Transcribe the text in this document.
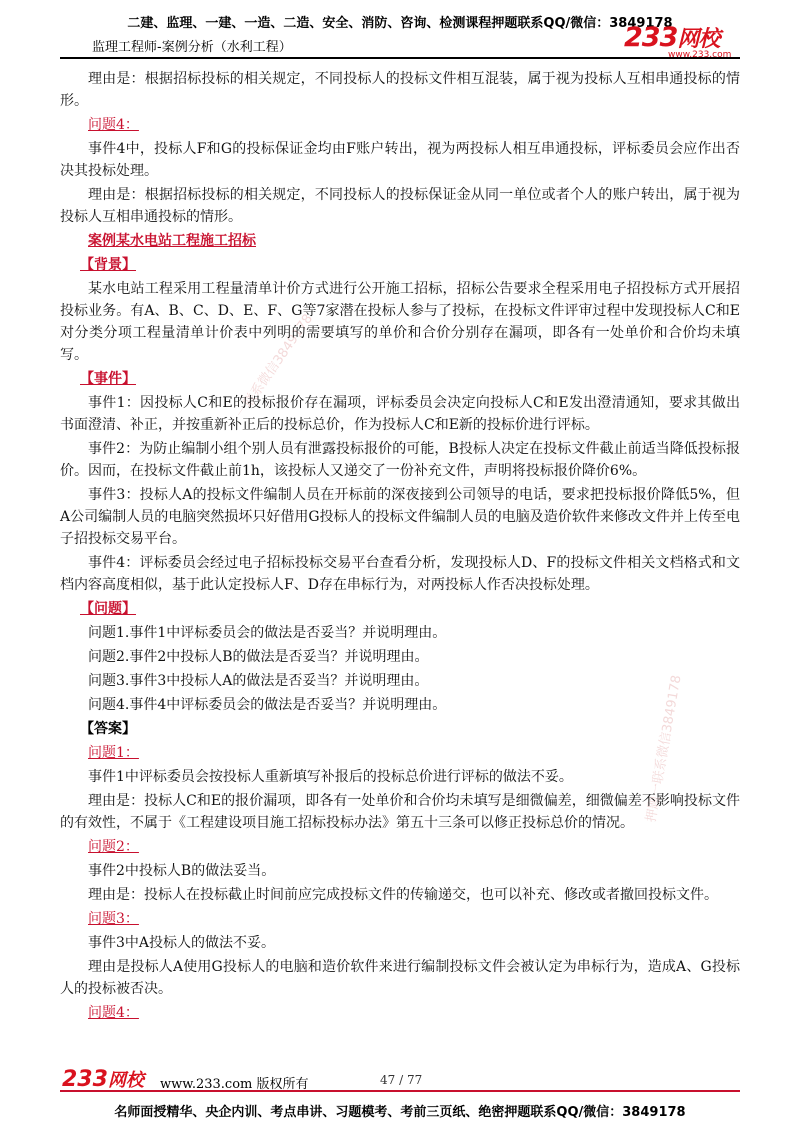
二建、监理、一建、一造、二造、安全、消防、咨询、检测课程押题联系QQ/微信：3849178
监理工程师-案例分析（水利工程）	233网校
www.233.com
一联系微信3849178
押题一联系微信3849178
理由是：根据招标投标的相关规定，不同投标人的投标文件相互混装，属于视为投标人互相串通投标的情形。
问题4：
事件4中，投标人F和G的投标保证金均由F账户转出，视为两投标人相互串通投标，评标委员会应作出否决其投标处理。
理由是：根据招标投标的相关规定，不同投标人的投标保证金从同一单位或者个人的账户转出，属于视为投标人互相串通投标的情形。
案例某水电站工程施工招标
【背景】
某水电站工程采用工程量清单计价方式进行公开施工招标，招标公告要求全程采用电子招投标方式开展招投标业务。有A、B、C、D、E、F、G等7家潜在投标人参与了投标，在投标文件评审过程中发现投标人C和E对分类分项工程量清单计价表中列明的需要填写的单价和合价分别存在漏项，即各有一处单价和合价均未填写。
【事件】
事件1：因投标人C和E的投标报价存在漏项，评标委员会决定向投标人C和E发出澄清通知，要求其做出书面澄清、补正，并按重新补正后的投标总价，作为投标人C和E新的投标价进行评标。
事件2：为防止编制小组个别人员有泄露投标报价的可能，B投标人决定在投标文件截止前适当降低投标报价。因而，在投标文件截止前1h，该投标人又递交了一份补充文件，声明将投标报价降价6%。
事件3：投标人A的投标文件编制人员在开标前的深夜接到公司领导的电话，要求把投标报价降低5%，但A公司编制人员的电脑突然损坏只好借用G投标人的投标文件编制人员的电脑及造价软件来修改文件并上传至电子招投标交易平台。
事件4：评标委员会经过电子招标投标交易平台查看分析，发现投标人D、F的投标文件相关文档格式和文档内容高度相似，基于此认定投标人F、D存在串标行为，对两投标人作否决投标处理。
【问题】
问题1.事件1中评标委员会的做法是否妥当？并说明理由。
问题2.事件2中投标人B的做法是否妥当？并说明理由。
问题3.事件3中投标人A的做法是否妥当？并说明理由。
问题4.事件4中评标委员会的做法是否妥当？并说明理由。
【答案】
问题1：
事件1中评标委员会按投标人重新填写补报后的投标总价进行评标的做法不妥。
理由是：投标人C和E的报价漏项，即各有一处单价和合价均未填写是细微偏差，细微偏差不影响投标文件的有效性，不属于《工程建设项目施工招标投标办法》第五十三条可以修正投标总价的情况。
问题2：
事件2中投标人B的做法妥当。
理由是：投标人在投标截止时间前应完成投标文件的传输递交，也可以补充、修改或者撤回投标文件。
问题3：
事件3中A投标人的做法不妥。
理由是投标人A使用G投标人的电脑和造价软件来进行编制投标文件会被认定为串标行为，造成A、G投标人的投标被否决。
问题4：
233网校 www.233.com 版权所有	47 / 77
名师面授精华、央企内训、考点串讲、习题模考、考前三页纸、绝密押题联系QQ/微信：3849178
